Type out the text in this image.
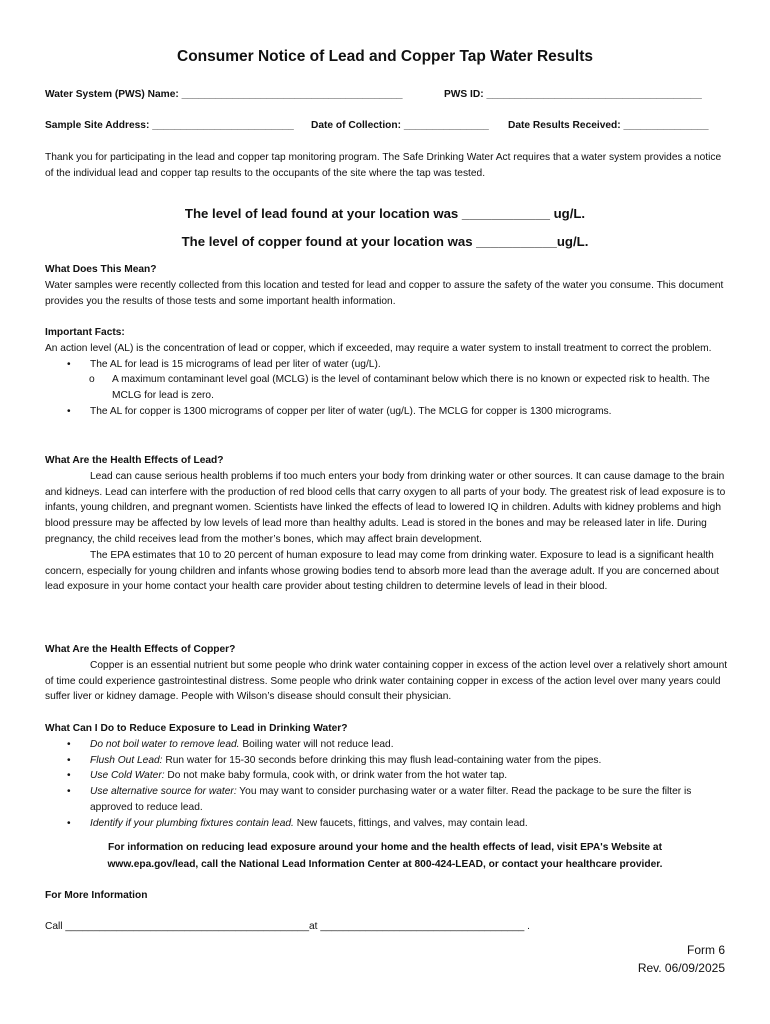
Consumer Notice of Lead and Copper Tap Water Results
Water System (PWS) Name: _______________________________________	PWS ID: ______________________________________
Sample Site Address: _________________________ Date of Collection: _______________ Date Results Received: _______________
Thank you for participating in the lead and copper tap monitoring program. The Safe Drinking Water Act requires that a water system provides a notice of the individual lead and copper tap results to the occupants of the site where the tap was tested.
The level of lead found at your location was ____________ ug/L.
The level of copper found at your location was ___________ug/L.

What Does This Mean?

Water samples were recently collected from this location and tested for lead and copper to assure the safety of the water you consume. This document provides you the results of those tests and some important health information.

Important Facts:

An action level (AL) is the concentration of lead or copper, which if exceeded, may require a water system to install treatment to correct the problem.

• The AL for lead is 15 micrograms of lead per liter of water (ug/L).

o A maximum contaminant level goal (MCLG) is the level of contaminant below which there is no known or expected risk to health. The MCLG for lead is zero.

• The AL for copper is 1300 micrograms of copper per liter of water (ug/L). The MCLG for copper is 1300 micrograms.

What Are the Health Effects of Lead?

Lead can cause serious health problems if too much enters your body from drinking water or other sources. It can cause damage to the brain and kidneys. Lead can interfere with the production of red blood cells that carry oxygen to all parts of your body. The greatest risk of lead exposure is to infants, young children, and pregnant women. Scientists have linked the effects of lead to lowered IQ in children. Adults with kidney problems and high blood pressure may be affected by low levels of lead more than healthy adults. Lead is stored in the bones and may be released later in life. During pregnancy, the child receives lead from the mother’s bones, which may affect brain development.

The EPA estimates that 10 to 20 percent of human exposure to lead may come from drinking water. Exposure to lead is a significant health concern, especially for young children and infants whose growing bodies tend to absorb more lead than the average adult. If you are concerned about lead exposure in your home contact your health care provider about testing children to determine levels of lead in their blood.

What Are the Health Effects of Copper?

Copper is an essential nutrient but some people who drink water containing copper in excess of the action level over a relatively short amount of time could experience gastrointestinal distress. Some people who drink water containing copper in excess of the action level over many years could suffer liver or kidney damage. People with Wilson’s disease should consult their physician.

What Can I Do to Reduce Exposure to Lead in Drinking Water?

• Do not boil water to remove lead. Boiling water will not reduce lead.

• Flush Out Lead: Run water for 15-30 seconds before drinking this may flush lead-containing water from the pipes.

• Use Cold Water: Do not make baby formula, cook with, or drink water from the hot water tap.

• Use alternative source for water: You may want to consider purchasing water or a water filter. Read the package to be sure the filter is approved to reduce lead.

• Identify if your plumbing fixtures contain lead. New faucets, fittings, and valves, may contain lead.

For information on reducing lead exposure around your home and the health effects of lead, visit EPA's Website at
www.epa.gov/lead, call the National Lead Information Center at 800-424-LEAD, or contact your healthcare provider.
For More Information
Call ___________________________________________at ____________________________________ .
Form 6
Rev. 06/09/2025
